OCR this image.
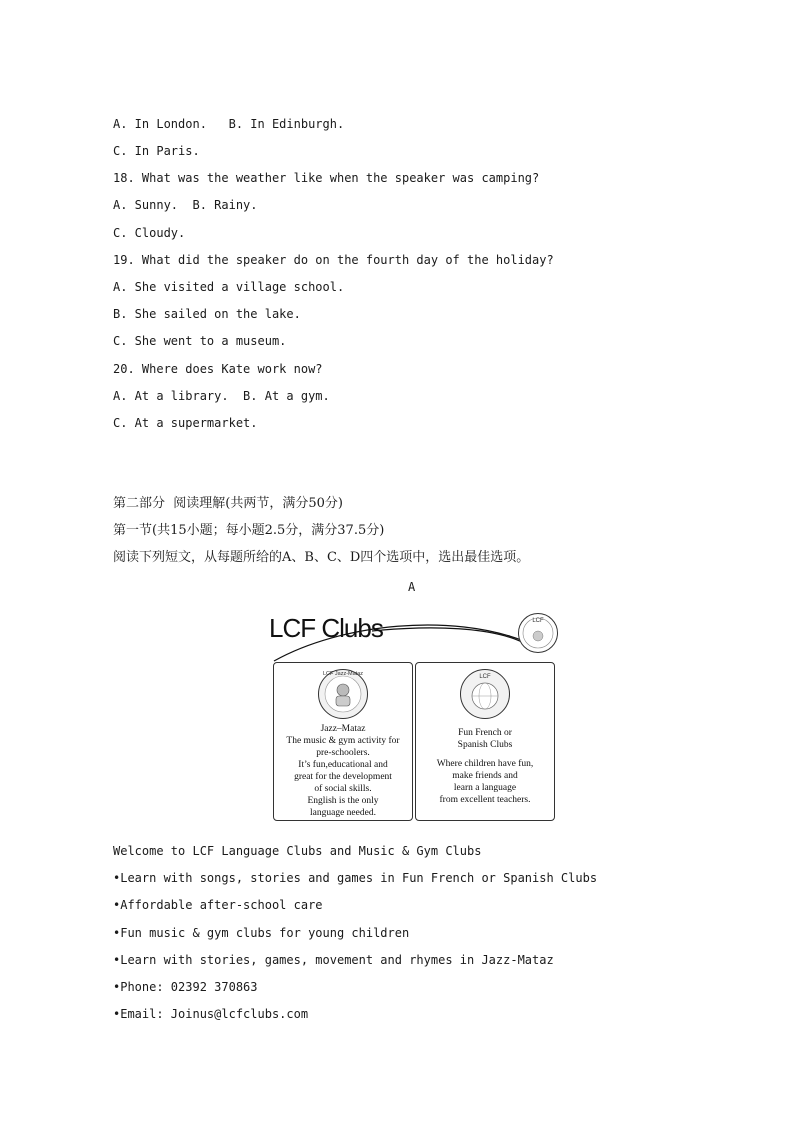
A. In London.   B. In Edinburgh.
C. In Paris.
18. What was the weather like when the speaker was camping?
A. Sunny.  B. Rainy.
C. Cloudy.
19. What did the speaker do on the fourth day of the holiday?
A. She visited a village school.
B. She sailed on the lake.
C. She went to a museum.
20. Where does Kate work now?
A. At a library.  B. At a gym.
C. At a supermarket.
第二部分  阅读理解(共两节，满分50分)
第一节(共15小题；每小题2.5分，满分37.5分)
阅读下列短文，从每题所给的A、B、C、D四个选项中，选出最佳选项。
A
LCF Clubs	LCF
LCF Jazz-Mataz
Jazz–Mataz
The music & gym activity for
pre-schoolers.
It’s fun,educational and
great for the development
of social skills.
English is the only
language needed.
LCF
Fun French or
Spanish Clubs
Where children have fun,
make friends and
learn a language
from excellent teachers.
Welcome to LCF Language Clubs and Music & Gym Clubs
•Learn with songs, stories and games in Fun French or Spanish Clubs
•Affordable after-school care
•Fun music & gym clubs for young children
•Learn with stories, games, movement and rhymes in Jazz-Mataz
•Phone: 02392 370863
•Email: Joinus@lcfclubs.com
